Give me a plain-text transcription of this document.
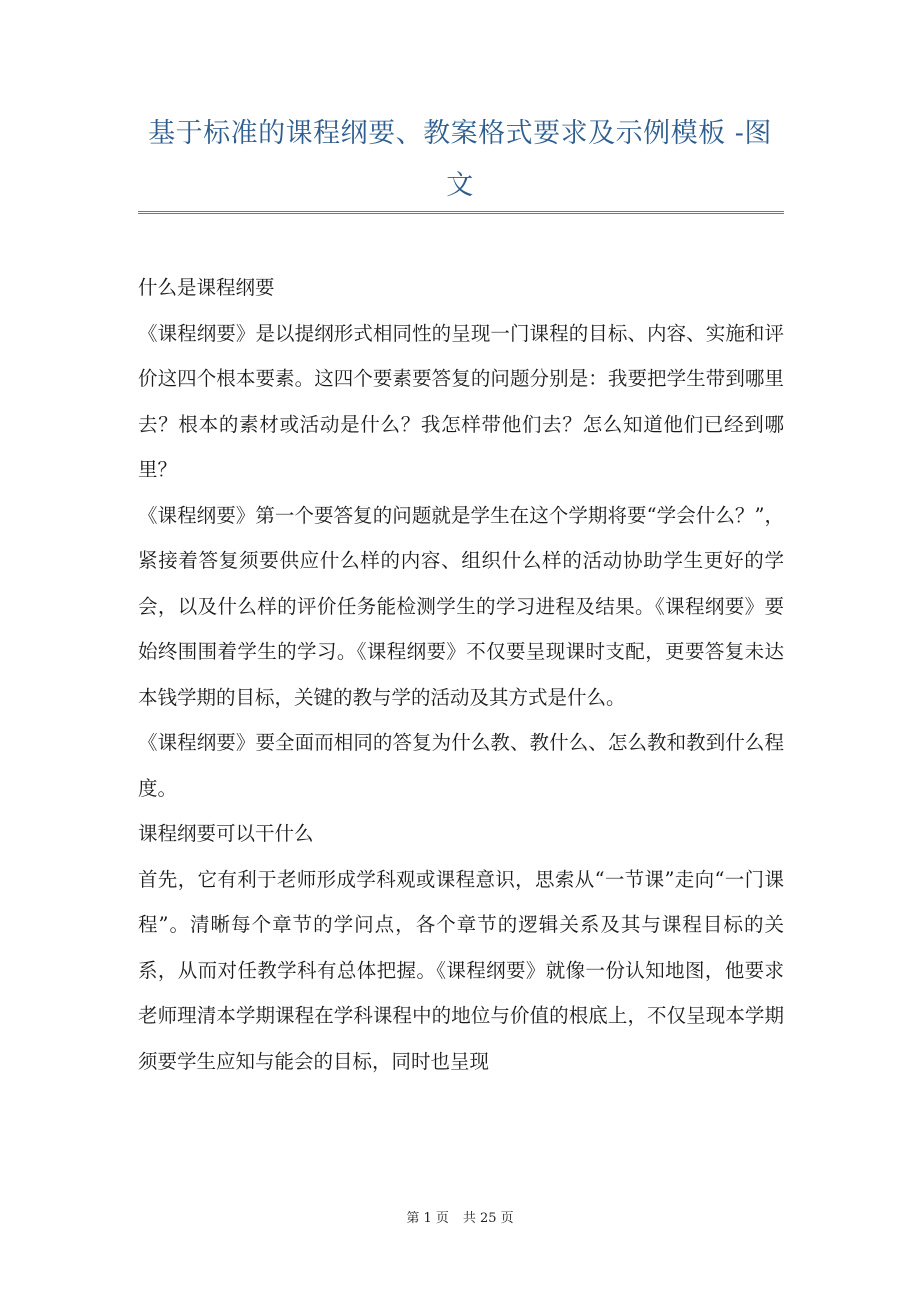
基于标准的课程纲要、教案格式要求及示例模板 -图文

什么是课程纲要

《课程纲要》是以提纲形式相同性的呈现一门课程的目标、内容、实施和评价这四个根本要素。这四个要素要答复的问题分别是：我要把学生带到哪里去？根本的素材或活动是什么？我怎样带他们去？怎么知道他们已经到哪里？

《课程纲要》第一个要答复的问题就是学生在这个学期将要“学会什么？”，紧接着答复须要供应什么样的内容、组织什么样的活动协助学生更好的学会，以及什么样的评价任务能检测学生的学习进程及结果。《课程纲要》要始终围围着学生的学习。《课程纲要》不仅要呈现课时支配，更要答复未达本钱学期的目标，关键的教与学的活动及其方式是什么。

《课程纲要》要全面而相同的答复为什么教、教什么、怎么教和教到什么程度。

课程纲要可以干什么

首先，它有利于老师形成学科观或课程意识，思索从“一节课”走向“一门课程”。清晰每个章节的学问点，各个章节的逻辑关系及其与课程目标的关系，从而对任教学科有总体把握。《课程纲要》就像一份认知地图，他要求老师理清本学期课程在学科课程中的地位与价值的根底上，不仅呈现本学期须要学生应知与能会的目标，同时也呈现

第 1 页 共 25 页
